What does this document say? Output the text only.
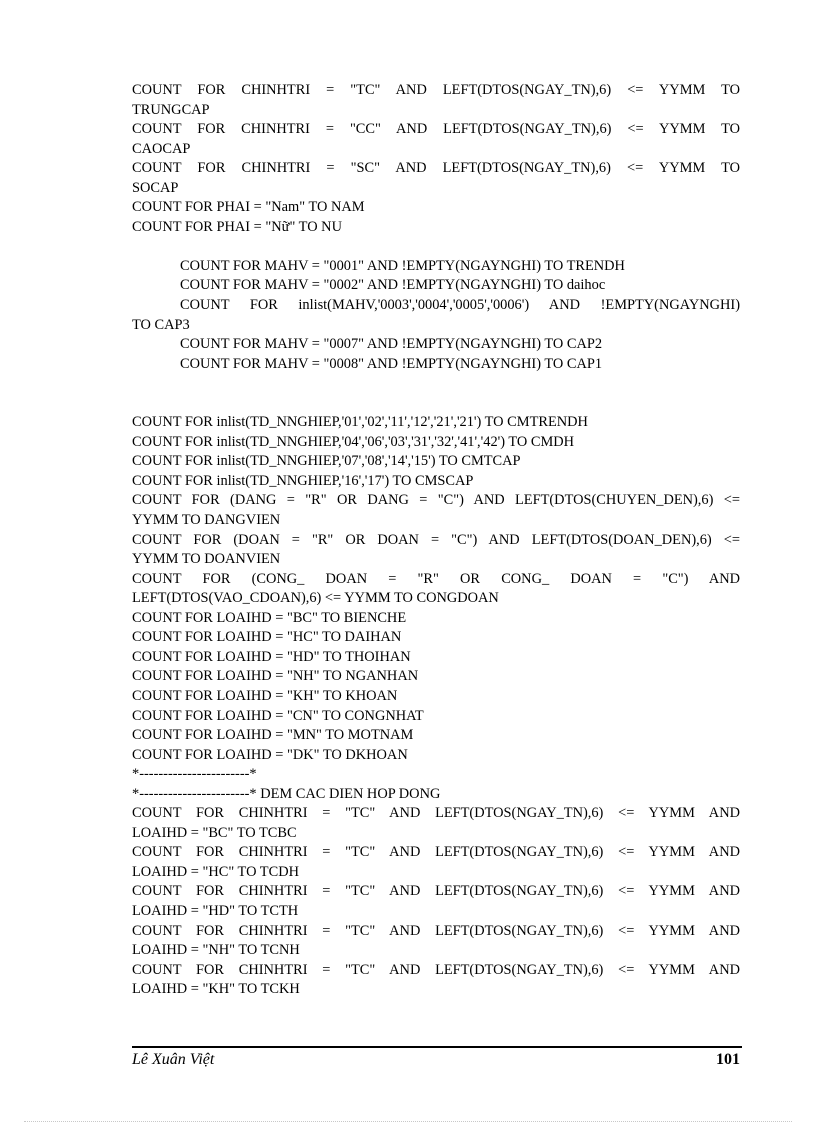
COUNT FOR CHINHTRI = "TC" AND LEFT(DTOS(NGAY_TN),6) <= YYMM TO
TRUNGCAP
COUNT FOR CHINHTRI = "CC" AND LEFT(DTOS(NGAY_TN),6) <= YYMM TO
CAOCAP
COUNT FOR CHINHTRI = "SC" AND LEFT(DTOS(NGAY_TN),6) <= YYMM TO
SOCAP
COUNT FOR PHAI = "Nam" TO NAM
COUNT FOR PHAI = "Nữ" TO NU
COUNT FOR MAHV = "0001" AND !EMPTY(NGAYNGHI) TO TRENDH
COUNT FOR MAHV = "0002" AND !EMPTY(NGAYNGHI) TO daihoc
COUNT FOR inlist(MAHV,'0003','0004','0005','0006') AND !EMPTY(NGAYNGHI)
TO CAP3
COUNT FOR MAHV = "0007" AND !EMPTY(NGAYNGHI) TO CAP2
COUNT FOR MAHV = "0008" AND !EMPTY(NGAYNGHI) TO CAP1
COUNT FOR inlist(TD_NNGHIEP,'01','02','11','12','21','21') TO CMTRENDH
COUNT FOR inlist(TD_NNGHIEP,'04','06','03','31','32','41','42') TO CMDH
COUNT FOR inlist(TD_NNGHIEP,'07','08','14','15') TO CMTCAP
COUNT FOR inlist(TD_NNGHIEP,'16','17') TO CMSCAP
COUNT FOR (DANG = "R" OR DANG = "C") AND LEFT(DTOS(CHUYEN_DEN),6) <=
YYMM TO DANGVIEN
COUNT FOR (DOAN = "R" OR DOAN = "C") AND LEFT(DTOS(DOAN_DEN),6) <=
YYMM TO DOANVIEN
COUNT FOR (CONG_ DOAN = "R" OR CONG_ DOAN = "C") AND
LEFT(DTOS(VAO_CDOAN),6) <= YYMM TO CONGDOAN
COUNT FOR LOAIHD = "BC" TO BIENCHE
COUNT FOR LOAIHD = "HC" TO DAIHAN
COUNT FOR LOAIHD = "HD" TO THOIHAN
COUNT FOR LOAIHD = "NH" TO NGANHAN
COUNT FOR LOAIHD = "KH" TO KHOAN
COUNT FOR LOAIHD = "CN" TO CONGNHAT
COUNT FOR LOAIHD = "MN" TO MOTNAM
COUNT FOR LOAIHD = "DK" TO DKHOAN
*-----------------------*
*-----------------------* DEM CAC DIEN HOP DONG
COUNT FOR CHINHTRI = "TC" AND LEFT(DTOS(NGAY_TN),6) <= YYMM AND
LOAIHD = "BC" TO TCBC
COUNT FOR CHINHTRI = "TC" AND LEFT(DTOS(NGAY_TN),6) <= YYMM AND
LOAIHD = "HC" TO TCDH
COUNT FOR CHINHTRI = "TC" AND LEFT(DTOS(NGAY_TN),6) <= YYMM AND
LOAIHD = "HD" TO TCTH
COUNT FOR CHINHTRI = "TC" AND LEFT(DTOS(NGAY_TN),6) <= YYMM AND
LOAIHD = "NH" TO TCNH
COUNT FOR CHINHTRI = "TC" AND LEFT(DTOS(NGAY_TN),6) <= YYMM AND
LOAIHD = "KH" TO TCKH
Lê Xuân Việt	101
